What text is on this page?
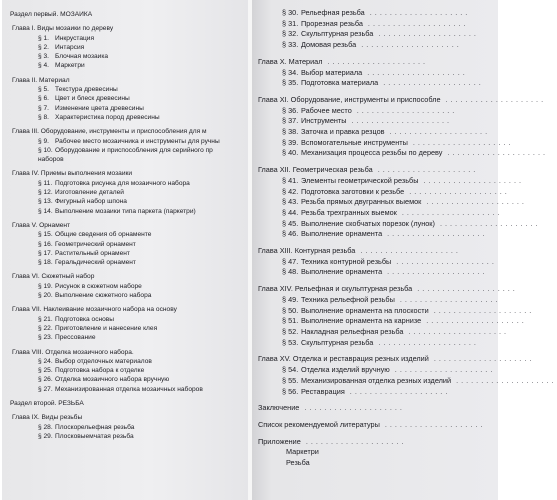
Раздел первый. МОЗАИКА
Глава I. Виды мозаики по дереву
§ 1. Инкрустация
§ 2. Интарсия
§ 3. Блочная мозаика
§ 4. Маркетри
Глава II. Материал
§ 5. Текстура древесины
§ 6. Цвет и блеск древесины
§ 7. Изменение цвета древесины
§ 8. Характеристика пород древесины
Глава III. Оборудование, инструменты и приспособления для м
§ 9. Рабочее место мозаичника и инструменты для ручны
§ 10. Оборудование и приспособления для серийного пр
наборов
Глава IV. Приемы выполнения мозаики
§ 11. Подготовка рисунка для мозаичного набора
§ 12. Изготовление деталей
§ 13. Фигурный набор шпона
§ 14. Выполнение мозаики типа паркета (паркетри)
Глава V. Орнамент
§ 15. Общие сведения об орнаменте
§ 16. Геометрический орнамент
§ 17. Растительный орнамент
§ 18. Геральдический орнамент
Глава VI. Сюжетный набор
§ 19. Рисунок в сюжетном наборе
§ 20. Выполнение сюжетного набора
Глава VII. Наклеивание мозаичного набора на основу
§ 21. Подготовка основы
§ 22. Приготовление и нанесение клея
§ 23. Прессование
Глава VIII. Отделка мозаичного набора.
§ 24. Выбор отделочных материалов
§ 25. Подготовка набора к отделке
§ 26. Отделка мозаичного набора вручную
§ 27. Механизированная отделка мозаичных наборов
Раздел второй. РЕЗЬБА
Глава IX. Виды резьбы
§ 28. Плоскорельефная резьба
§ 29. Плосковыемчатая резьба
§ 30. Рельефная резьба ....................
§ 31. Прорезная резьба ....................
§ 32. Скульптурная резьба ....................
§ 33. Домовая резьба ....................
Глава X. Материал ....................
§ 34. Выбор материала ....................
§ 35. Подготовка материала ....................
Глава XI. Оборудование, инструменты и приспособле ....................
§ 36. Рабочее место ....................
§ 37. Инструменты ....................
§ 38. Заточка и правка резцов ....................
§ 39. Вспомогательные инструменты ....................
§ 40. Механизация процесса резьбы по дереву ....................
Глава XII. Геометрическая резьба ....................
§ 41. Элементы геометрической резьбы ....................
§ 42. Подготовка заготовки к резьбе ....................
§ 43. Резьба прямых двугранных выемок ....................
§ 44. Резьба трехгранных выемок ....................
§ 45. Выполнение скобчатых порезок (лунок) ....................
§ 46. Выполнение орнамента ....................
Глава XIII. Контурная резьба ....................
§ 47. Техника контурной резьбы ....................
§ 48. Выполнение орнамента ....................
Глава XIV. Рельефная и скульптурная резьба ....................
§ 49. Техника рельефной резьбы ....................
§ 50. Выполнение орнамента на плоскости ....................
§ 51. Выполнение орнамента на карнизе ....................
§ 52. Накладная рельефная резьба ....................
§ 53. Скульптурная резьба ....................
Глава XV. Отделка и реставрация резных изделий ....................
§ 54. Отделка изделий вручную ....................
§ 55. Механизированная отделка резных изделий ....................
§ 56. Реставрация ....................
Заключение ....................
Список рекомендуемой литературы ....................
Приложение ....................
Маркетри
Резьба
